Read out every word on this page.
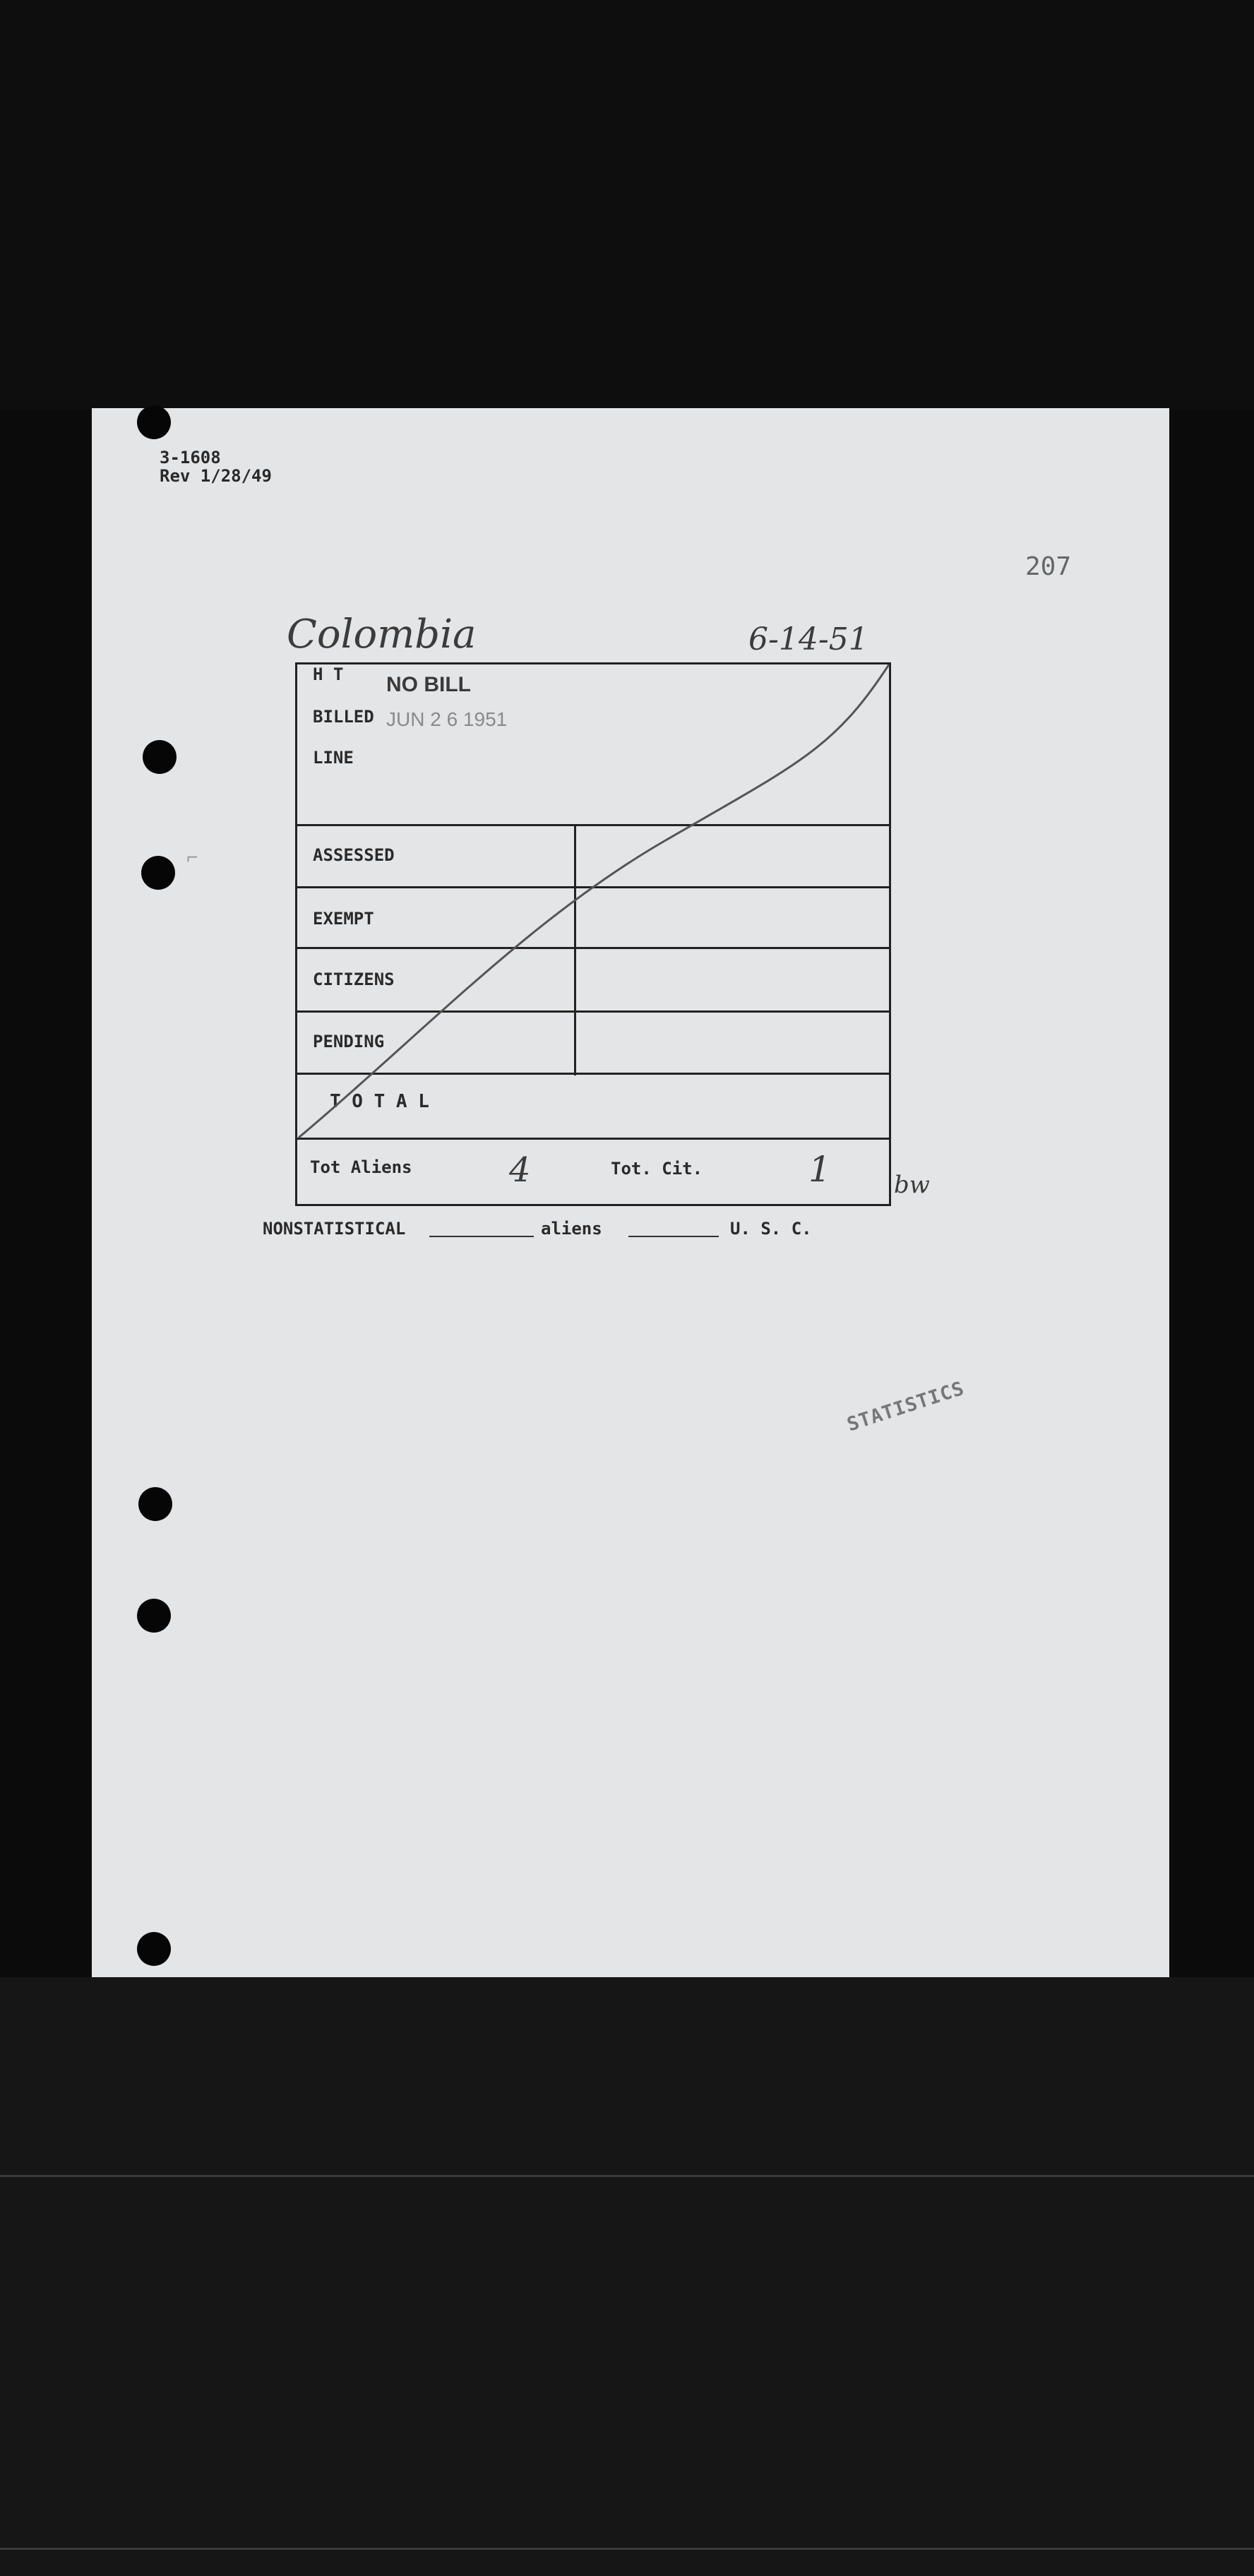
3-1608
Rev 1/28/49
207
Colombia	6-14-51
STATISTICS
NONSTATISTICAL	aliens	U. S. C.
⌐
H T NO BILL
BILLED JUN 2 6 1951
LINE
ASSESSED
EXEMPT
CITIZENS
PENDING
T O T A L
Tot Aliens	4	Tot. Cit.	1	bw
